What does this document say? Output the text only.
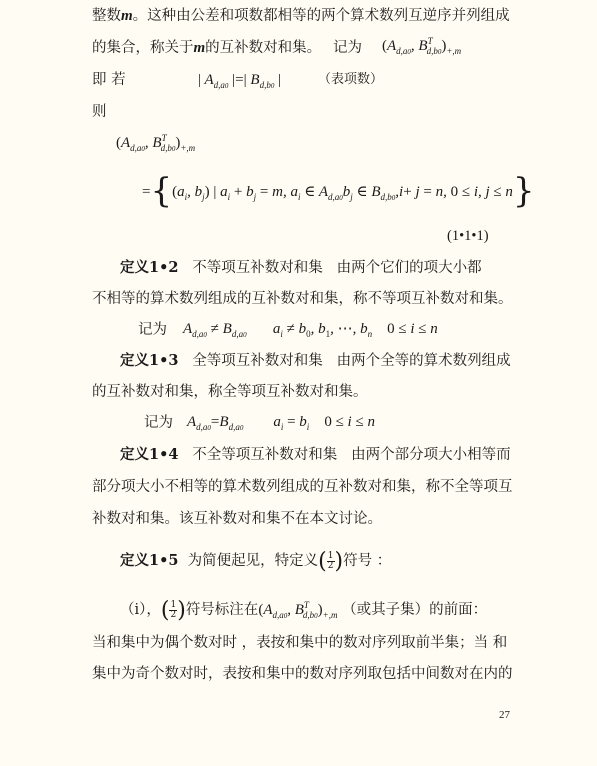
整数m。这种由公差和项数都相等的两个算术数列互逆序并列组成
的集合，称关于m的互补数对和集。 记为 ($A_{d,a0}$, $B^T_{d,b0})_{+,m}$
即 若	| $A_{d,a0}$ |=| $B_{d,b0}$ |	（表项数）
则
($A_{d,a0}$, $B^T_{d,b0})_{+,m}$
$=\{(a_i$, $b_j$) | $a_i + b_j = m$, $a_i$ ∈ $A_{d,a0}b_j$ ∈ $B_{d,b0},i+ j = n$, 0 ≤ i, j ≤ n}
(1•1•1)
定义1•2 不等项互补数对和集 由两个它们的项大小都
不相等的算术数列组成的互补数对和集，称不等项互补数对和集。
记为 $A_{d,a0} \ne B_{d,a0}$       $a_i \ne b_0$, $b_1$, ⋯, $b_n$ 0 ≤ i ≤ n
定义1•3 全等项互补数对和集 由两个全等的算术数列组成
的互补数对和集，称全等项互补数对和集。
记为 $A_{d,a0}=B_{d,a0}$        $a_i = b_i$ 0 ≤ i ≤ n
定义1•4 不全等项互补数对和集 由两个部分项大小相等而
部分项大小不相等的算术数列组成的互补数对和集，称不全等项互
补数对和集。该互补数对和集不在本文讨论。
定义1•5 为简便起见，特定义( $\frac{1}{2}$ )符号 ：
（ⅰ），( $\frac{1}{2}$ )符号标注在($A_{d,a0}$, $B^T_{d,b0})_{+,m}$ （或其子集）的前面：
当和集中为偶个数对时 ，表按和集中的数对序列取前半集；当 和
集中为奇个数对时，表按和集中的数对序列取包括中间数对在内的
27
